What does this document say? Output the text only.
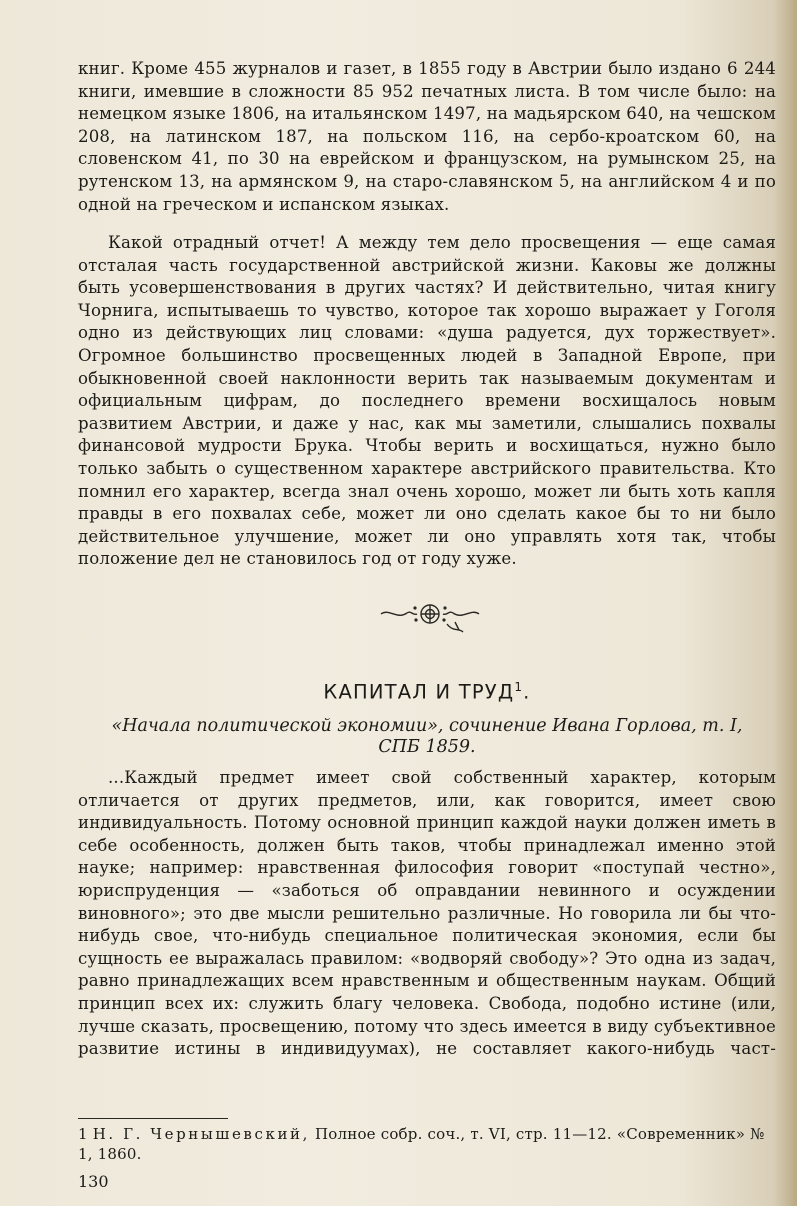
книг. Кроме 455 журналов и газет, в 1855 году в Австрии было издано 6 244 книги, имевшие в сложности 85 952 печатных листа. В том числе было: на немецком языке 1806, на итальянском 1497, на мадьярском 640, на чешском 208, на латинском 187, на польском 116, на сербо-кроатском 60, на словенском 41, по 30 на еврейском и французском, на румынском 25, на рутенском 13, на армянском 9, на старо-славянском 5, на английском 4 и по одной на греческом и испанском языках.

Какой отрадный отчет! А между тем дело просвещения — еще самая отсталая часть государственной австрийской жизни. Каковы же должны быть усовершенствования в других частях? И действительно, читая книгу Чорнига, испытываешь то чувство, которое так хорошо выражает у Гоголя одно из действующих лиц словами: «душа радуется, дух торжествует». Огромное большинство просвещенных людей в Западной Европе, при обыкновенной своей наклонности верить так называемым документам и официальным цифрам, до последнего времени восхищалось новым развитием Австрии, и даже у нас, как мы заметили, слышались похвалы финансовой мудрости Брука. Чтобы верить и восхищаться, нужно было только забыть о существенном характере австрийского правительства. Кто помнил его характер, всегда знал очень хорошо, может ли быть хоть капля правды в его похвалах себе, может ли оно сделать какое бы то ни было действительное улучшение, может ли оно управлять хотя так, чтобы положение дел не становилось год от году хуже.

КАПИТАЛ И ТРУД$^1$.

«Начала политической экономии», сочинение Ивана Горлова, т. I,
СПБ 1859.

...Каждый предмет имеет свой собственный характер, которым отличается от других предметов, или, как говорится, имеет свою индивидуальность. Потому основной принцип каждой науки должен иметь в себе особенность, должен быть таков, чтобы принадлежал именно этой науке; например: нравственная философия говорит «поступай честно», юриспруденция — «заботься об оправдании невинного и осуждении виновного»; это две мысли решительно различные. Но говорила ли бы что-нибудь свое, что-нибудь специальное политическая экономия, если бы сущность ее выражалась правилом: «водворяй свободу»? Это одна из задач, равно принадлежащих всем нравственным и общественным наукам. Общий принцип всех их: служить благу человека. Свобода, подобно истине (или, лучше сказать, просвещению, потому что здесь имеется в виду субъективное развитие истины в индивидуумах), не составляет какого-нибудь част-

1 Н. Г. Чернышевский, Полное собр. соч., т. VI, стр. 11—12. «Современник» № 1, 1860.

130
